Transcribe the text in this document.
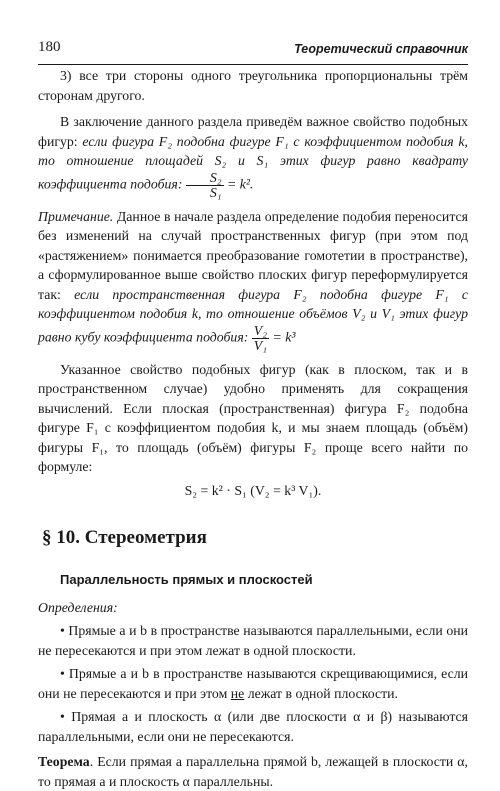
180	Теоретический справочник

3) все три стороны одного треугольника пропорциональны трём сторонам другого.

В заключение данного раздела приведём важное свойство подобных фигур: если фигура F₂ подобна фигуре F₁ с коэффициентом подобия k, то отношение площадей S₂ и S₁ этих фигур равно квадрату коэффициента подобия: $\frac{\text{S₂}}{\text{S₁}} = k^2$.

Примечание. Данное в начале раздела определение подобия переносится без изменений на случай пространственных фигур (при этом под «растяжением» понимается преобразование гомотетии в пространстве), а сформулированное выше свойство плоских фигур переформулируется так: если пространственная фигура F₂ подобна фигуре F₁ с коэффициентом подобия k, то отношение объёмов V₂ и V₁ этих фигур равно кубу коэффициента подобия: $\frac{\text{V₂}}{\text{V₁}} = k^3$

Указанное свойство подобных фигур (как в плоском, так и в пространственном случае) удобно применять для сокращения вычислений. Если плоская (пространственная) фигура F₂ подобна фигуре F₁ с коэффициентом подобия k, и мы знаем площадь (объём) фигуры F₁, то площадь (объём) фигуры F₂ проще всего найти по формуле:

S₂ = k² · S₁ (V₂ = k³ V₁).

§ 10. Стереометрия
Параллельность прямых и плоскостей

Определения:

• Прямые a и b в пространстве называются параллельными, если они не пересекаются и при этом лежат в одной плоскости.

• Прямые a и b в пространстве называются скрещивающимися, если они не пересекаются и при этом не лежат в одной плоскости.

• Прямая a и плоскость α (или две плоскости α и β) называются параллельными, если они не пересекаются.

Теорема. Если прямая a параллельна прямой b, лежащей в плоскости α, то прямая a и плоскость α параллельны.
